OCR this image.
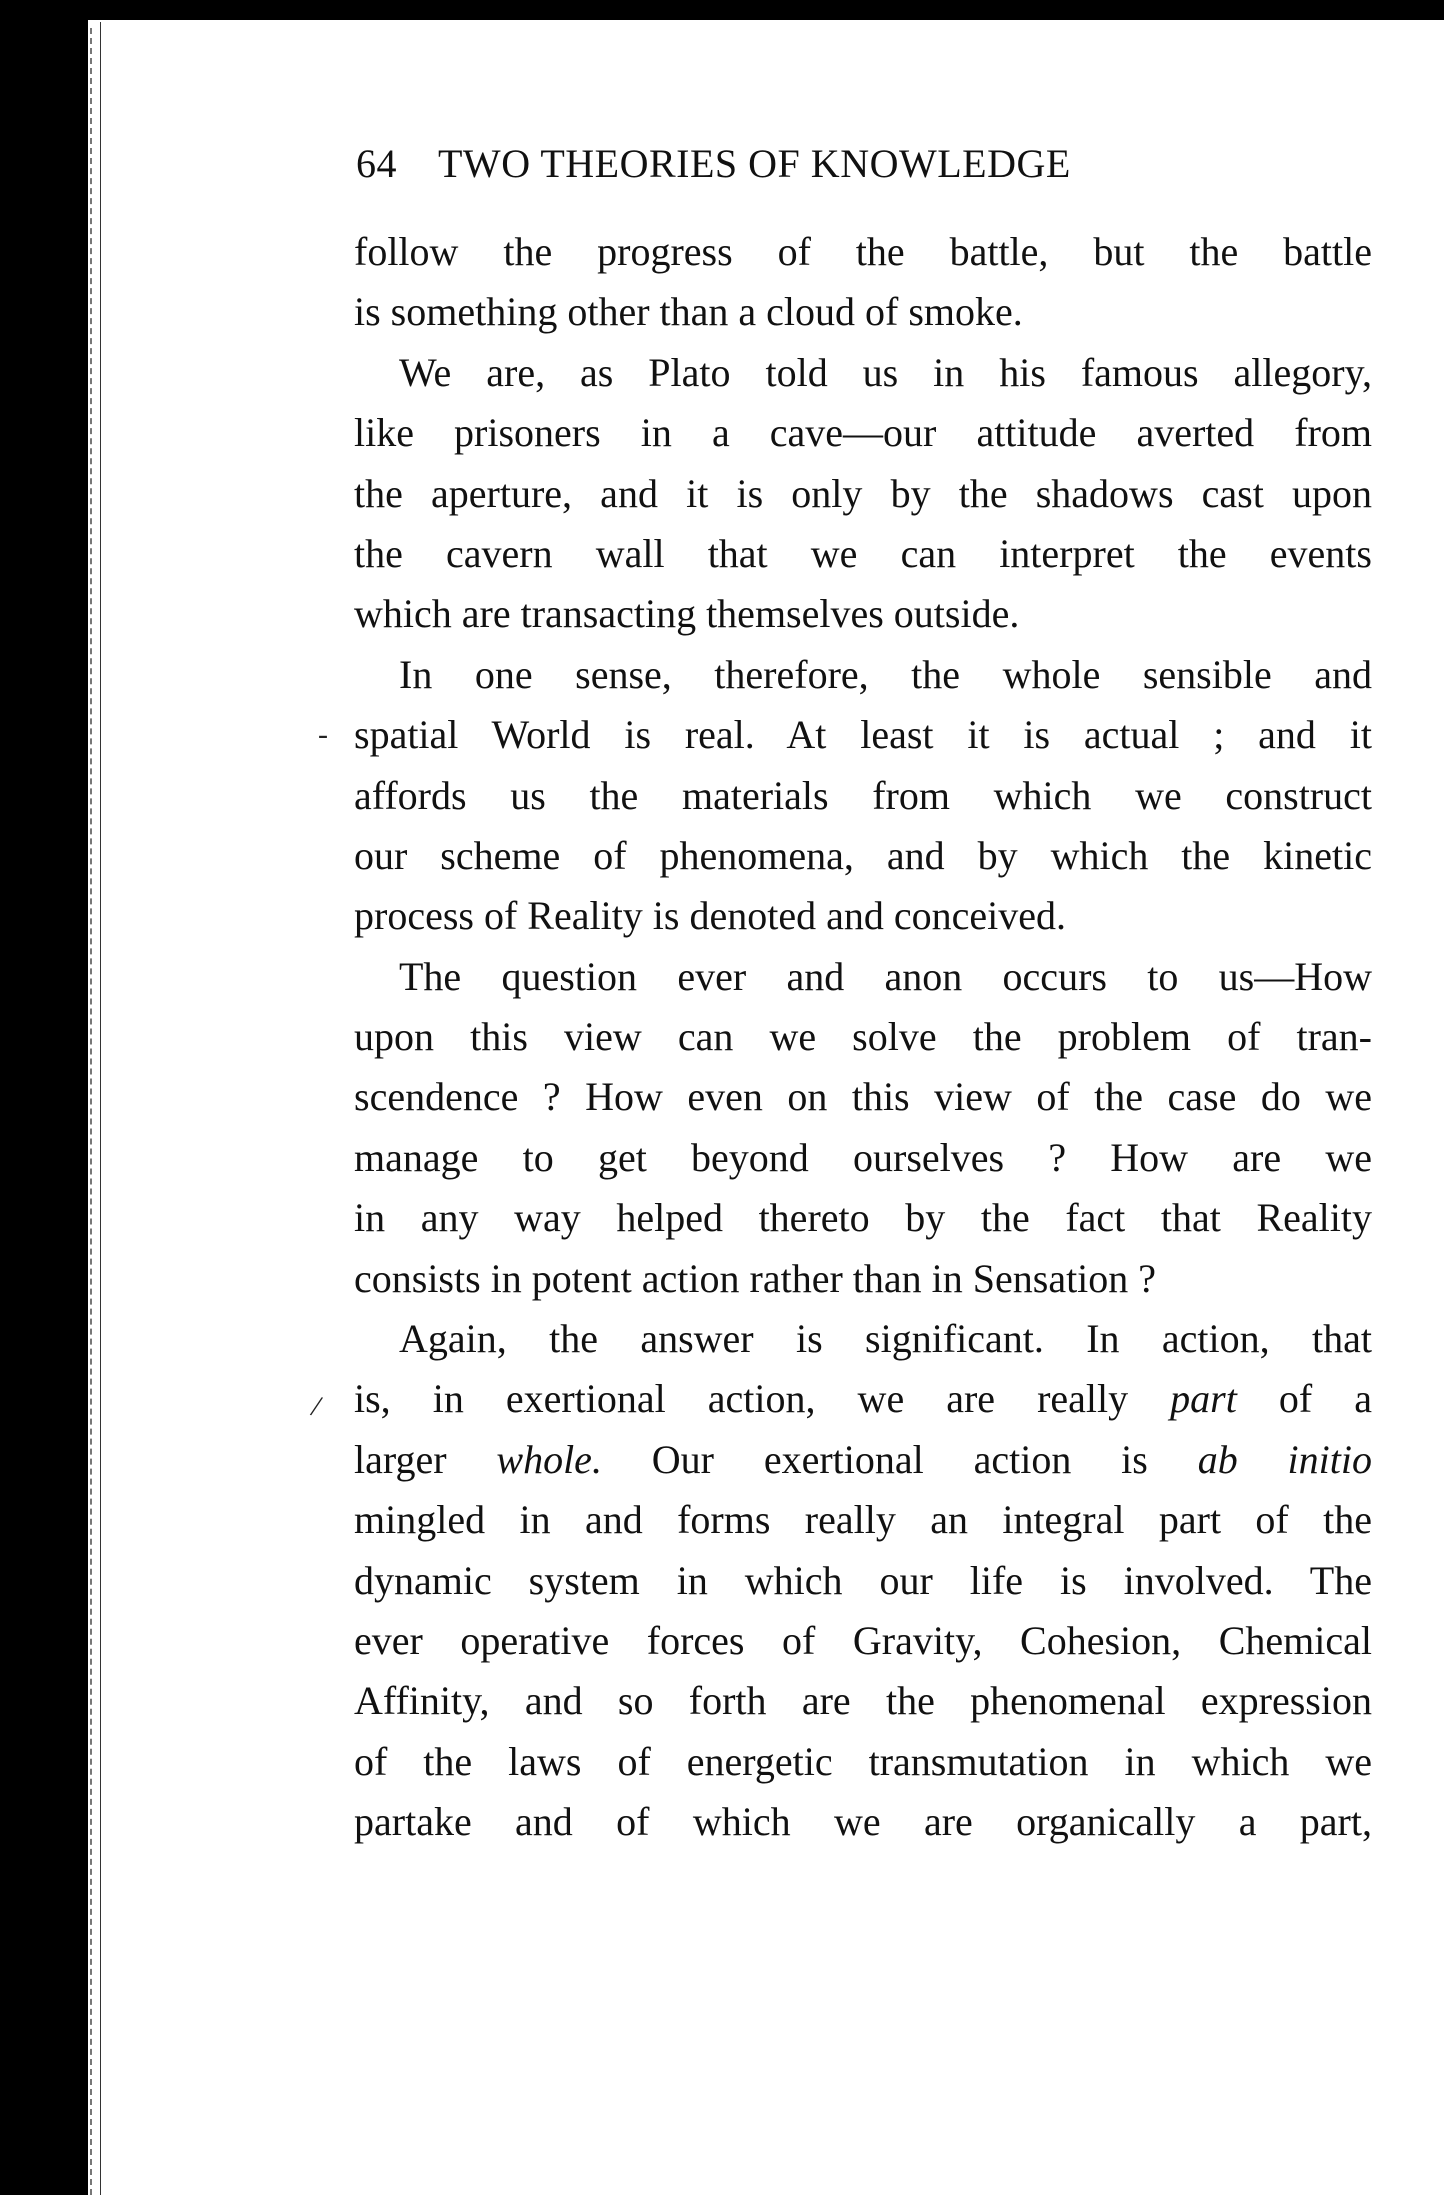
64 TWO THEORIES OF KNOWLEDGE
‐
/
follow the progress of the battle, but the battle
is something other than a cloud of smoke.
We are, as Plato told us in his famous allegory,
like prisoners in a cave—our attitude averted from
the aperture, and it is only by the shadows cast upon
the cavern wall that we can interpret the events
which are transacting themselves outside.
In one sense, therefore, the whole sensible and
spatial World is real. At least it is actual ; and it
affords us the materials from which we construct
our scheme of phenomena, and by which the kinetic
process of Reality is denoted and conceived.
The question ever and anon occurs to us—How
upon this view can we solve the problem of tran-
scendence ? How even on this view of the case do we
manage to get beyond ourselves ? How are we
in any way helped thereto by the fact that Reality
consists in potent action rather than in Sensation ?
Again, the answer is significant. In action, that
is, in exertional action, we are really part of a
larger whole. Our exertional action is ab initio
mingled in and forms really an integral part of the
dynamic system in which our life is involved. The
ever operative forces of Gravity, Cohesion, Chemical
Affinity, and so forth are the phenomenal expression
of the laws of energetic transmutation in which we
partake and of which we are organically a part,
